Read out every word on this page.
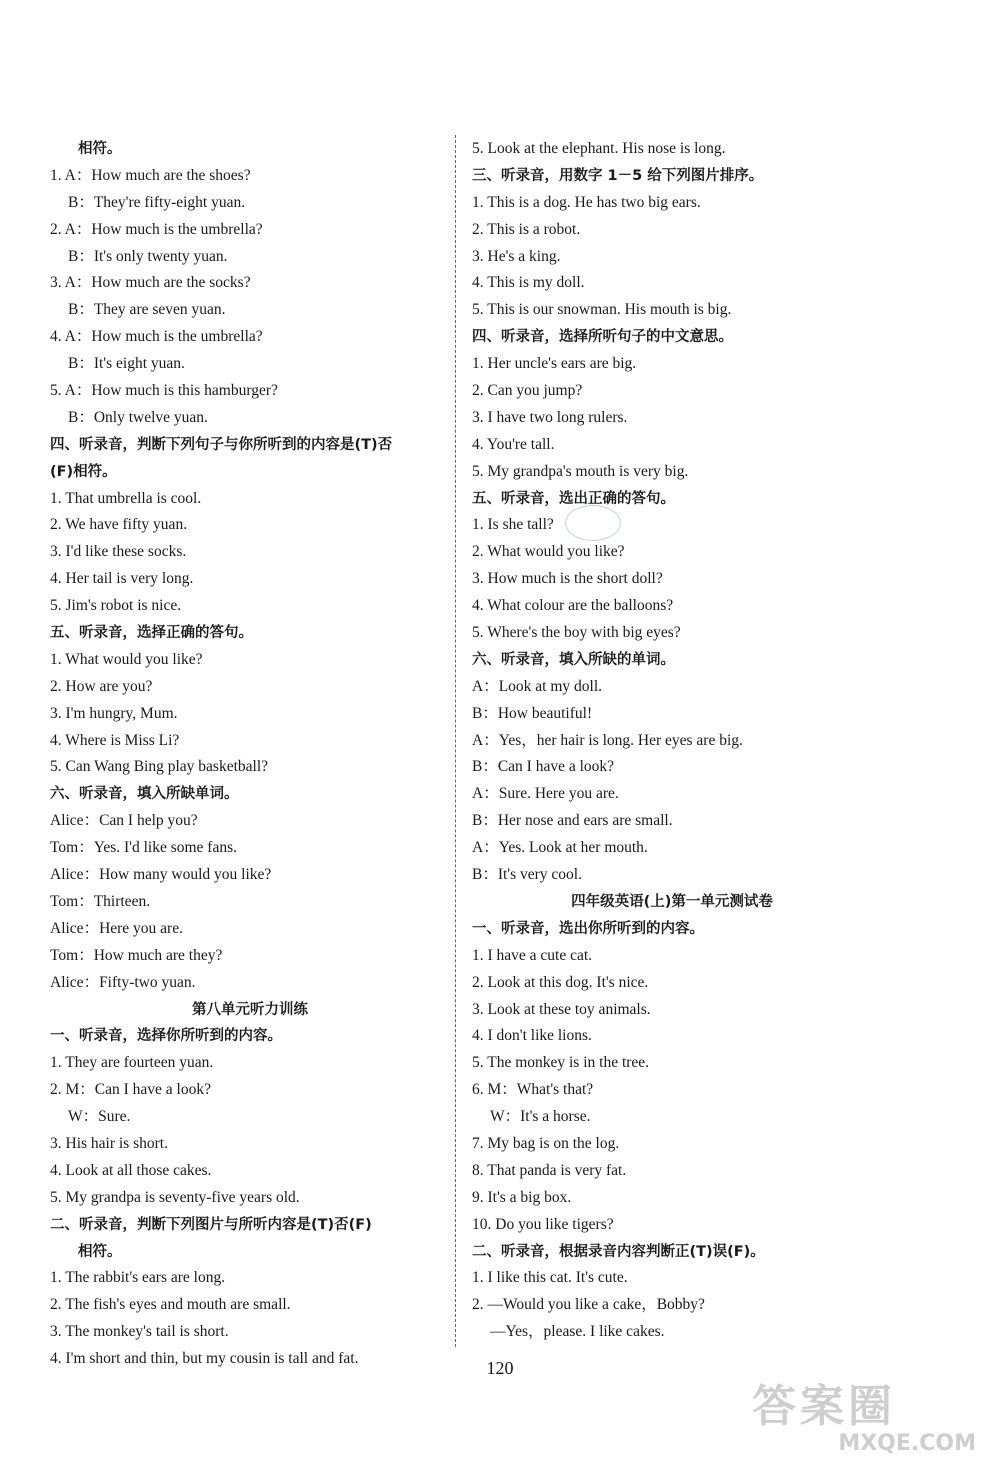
相符。
1. A：How much are the shoes?
B：They're fifty-eight yuan.
2. A：How much is the umbrella?
B：It's only twenty yuan.
3. A：How much are the socks?
B：They are seven yuan.
4. A：How much is the umbrella?
B：It's eight yuan.
5. A：How much is this hamburger?
B：Only twelve yuan.
四、听录音，判断下列句子与你所听到的内容是(T)否
(F)相符。
1. That umbrella is cool.
2. We have fifty yuan.
3. I'd like these socks.
4. Her tail is very long.
5. Jim's robot is nice.
五、听录音，选择正确的答句。
1. What would you like?
2. How are you?
3. I'm hungry, Mum.
4. Where is Miss Li?
5. Can Wang Bing play basketball?
六、听录音，填入所缺单词。
Alice：Can I help you?
Tom：Yes. I'd like some fans.
Alice：How many would you like?
Tom：Thirteen.
Alice：Here you are.
Tom：How much are they?
Alice：Fifty-two yuan.
第八单元听力训练
一、听录音，选择你所听到的内容。
1. They are fourteen yuan.
2. M：Can I have a look?
W：Sure.
3. His hair is short.
4. Look at all those cakes.
5. My grandpa is seventy-five years old.
二、听录音，判断下列图片与所听内容是(T)否(F)
相符。
1. The rabbit's ears are long.
2. The fish's eyes and mouth are small.
3. The monkey's tail is short.
4. I'm short and thin, but my cousin is tall and fat.
5. Look at the elephant. His nose is long.
三、听录音，用数字 1－5 给下列图片排序。
1. This is a dog. He has two big ears.
2. This is a robot.
3. He's a king.
4. This is my doll.
5. This is our snowman. His mouth is big.
四、听录音，选择所听句子的中文意思。
1. Her uncle's ears are big.
2. Can you jump?
3. I have two long rulers.
4. You're tall.
5. My grandpa's mouth is very big.
五、听录音，选出正确的答句。
1. Is she tall?
2. What would you like?
3. How much is the short doll?
4. What colour are the balloons?
5. Where's the boy with big eyes?
六、听录音，填入所缺的单词。
A：Look at my doll.
B：How beautiful!
A：Yes，her hair is long. Her eyes are big.
B：Can I have a look?
A：Sure. Here you are.
B：Her nose and ears are small.
A：Yes. Look at her mouth.
B：It's very cool.
四年级英语(上)第一单元测试卷
一、听录音，选出你所听到的内容。
1. I have a cute cat.
2. Look at this dog. It's nice.
3. Look at these toy animals.
4. I don't like lions.
5. The monkey is in the tree.
6. M：What's that?
W：It's a horse.
7. My bag is on the log.
8. That panda is very fat.
9. It's a big box.
10. Do you like tigers?
二、听录音，根据录音内容判断正(T)误(F)。
1. I like this cat. It's cute.
2. —Would you like a cake，Bobby?
—Yes，please. I like cakes.
120
答案圈
MXQE.COM
